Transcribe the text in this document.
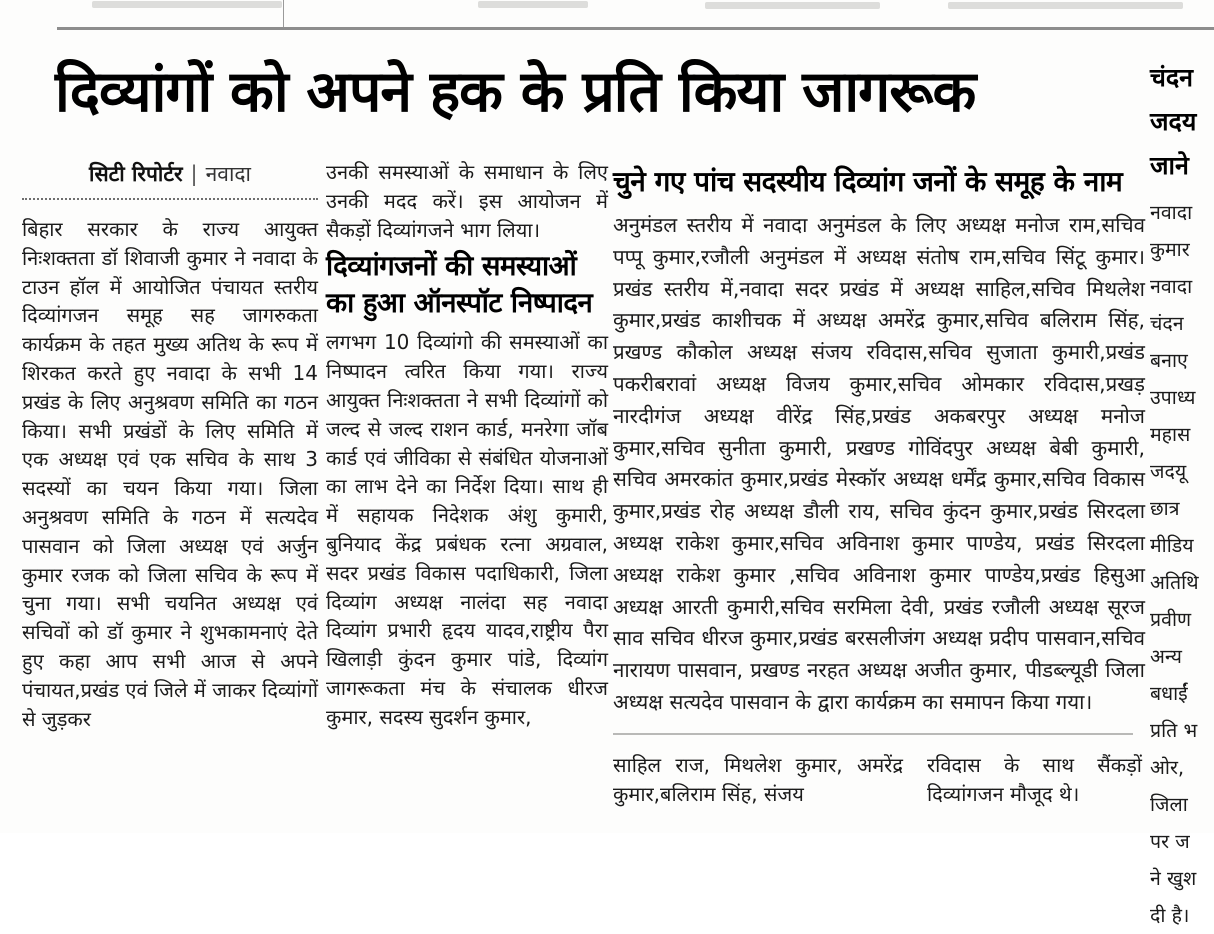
दिव्यांगों को अपने हक के प्रति किया जागरूक
सिटी रिपोर्टर | नवादा

बिहार सरकार के राज्य आयुक्त निःशक्तता डॉ शिवाजी कुमार ने नवादा के टाउन हॉल में आयोजित पंचायत स्तरीय दिव्यांगजन समूह सह जागरुकता कार्यक्रम के तहत मुख्य अतिथ के रूप में शिरकत करते हुए नवादा के सभी 14 प्रखंड के लिए अनुश्रवण समिति का गठन किया। सभी प्रखंडों के लिए समिति में एक अध्यक्ष एवं एक सचिव के साथ 3 सदस्यों का चयन किया गया। जिला अनुश्रवण समिति के गठन में सत्यदेव पासवान को जिला अध्यक्ष एवं अर्जुन कुमार रजक को जिला सचिव के रूप में चुना गया। सभी चयनित अध्यक्ष एवं सचिवों को डॉ कुमार ने शुभकामनाएं देते हुए कहा आप सभी आज से अपने पंचायत,प्रखंड एवं जिले में जाकर दिव्यांगों से जुड़कर

उनकी समस्याओं के समाधान के लिए उनकी मदद करें। इस आयोजन में सैकड़ों दिव्यांगजने भाग लिया।

दिव्यांगजनों की समस्याओं का हुआ ऑनस्पॉट निष्पादन

लगभग 10 दिव्यांगो की समस्याओं का निष्पादन त्वरित किया गया। राज्य आयुक्त निःशक्तता ने सभी दिव्यांगों को जल्द से जल्द राशन कार्ड, मनरेगा जॉब कार्ड एवं जीविका से संबंधित योजनाओं का लाभ देने का निर्देश दिया। साथ ही में सहायक निदेशक अंशु कुमारी, बुनियाद केंद्र प्रबंधक रत्ना अग्रवाल, सदर प्रखंड विकास पदाधिकारी, जिला दिव्यांग अध्यक्ष नालंदा सह नवादा दिव्यांग प्रभारी हृदय यादव,राष्ट्रीय पैरा खिलाड़ी कुंदन कुमार पांडे, दिव्यांग जागरूकता मंच के संचालक धीरज कुमार, सदस्य सुदर्शन कुमार,

चुने गए पांच सदस्यीय दिव्यांग जनों के समूह के नाम

अनुमंडल स्तरीय में नवादा अनुमंडल के लिए अध्यक्ष मनोज राम,सचिव पप्पू कुमार,रजौली अनुमंडल में अध्यक्ष संतोष राम,सचिव सिंटू कुमार। प्रखंड स्तरीय में,नवादा सदर प्रखंड में अध्यक्ष साहिल,सचिव मिथलेश कुमार,प्रखंड काशीचक में अध्यक्ष अमरेंद्र कुमार,सचिव बलिराम सिंह, प्रखण्ड कौकोल अध्यक्ष संजय रविदास,सचिव सुजाता कुमारी,प्रखंड पकरीबरावां अध्यक्ष विजय कुमार,सचिव ओमकार रविदास,प्रखड़ नारदीगंज अध्यक्ष वीरेंद्र सिंह,प्रखंड अकबरपुर अध्यक्ष मनोज कुमार,सचिव सुनीता कुमारी, प्रखण्ड गोविंदपुर अध्यक्ष बेबी कुमारी, सचिव अमरकांत कुमार,प्रखंड मेस्कॉर अध्यक्ष धर्मेंद्र कुमार,सचिव विकास कुमार,प्रखंड रोह अध्यक्ष डौली राय, सचिव कुंदन कुमार,प्रखंड सिरदला अध्यक्ष राकेश कुमार,सचिव अविनाश कुमार पाण्डेय, प्रखंड सिरदला अध्यक्ष राकेश कुमार ,सचिव अविनाश कुमार पाण्डेय,प्रखंड हिसुआ अध्यक्ष आरती कुमारी,सचिव सरमिला देवी, प्रखंड रजौली अध्यक्ष सूरज साव सचिव धीरज कुमार,प्रखंड बरसलीजंग अध्यक्ष प्रदीप पासवान,सचिव नारायण पासवान, प्रखण्ड नरहत अध्यक्ष अजीत कुमार, पीडब्ल्यूडी जिला अध्यक्ष सत्यदेव पासवान के द्वारा कार्यक्रम का समापन किया गया।

साहिल राज, मिथलेश कुमार, अमरेंद्र कुमार,बलिराम सिंह, संजय

रविदास के साथ सैंकड़ों दिव्यांगजन मौजूद थे।

चंदन
जदय
जाने
नवादा
कुमार
नवादा
चंदन
बनाए
उपाध्य
महास
जदयू
छात्र
मीडिय
अतिथि
प्रवीण
अन्य
बधाईं
प्रति भ
ओर,
जिला
पर ज
ने खुश
दी है।
